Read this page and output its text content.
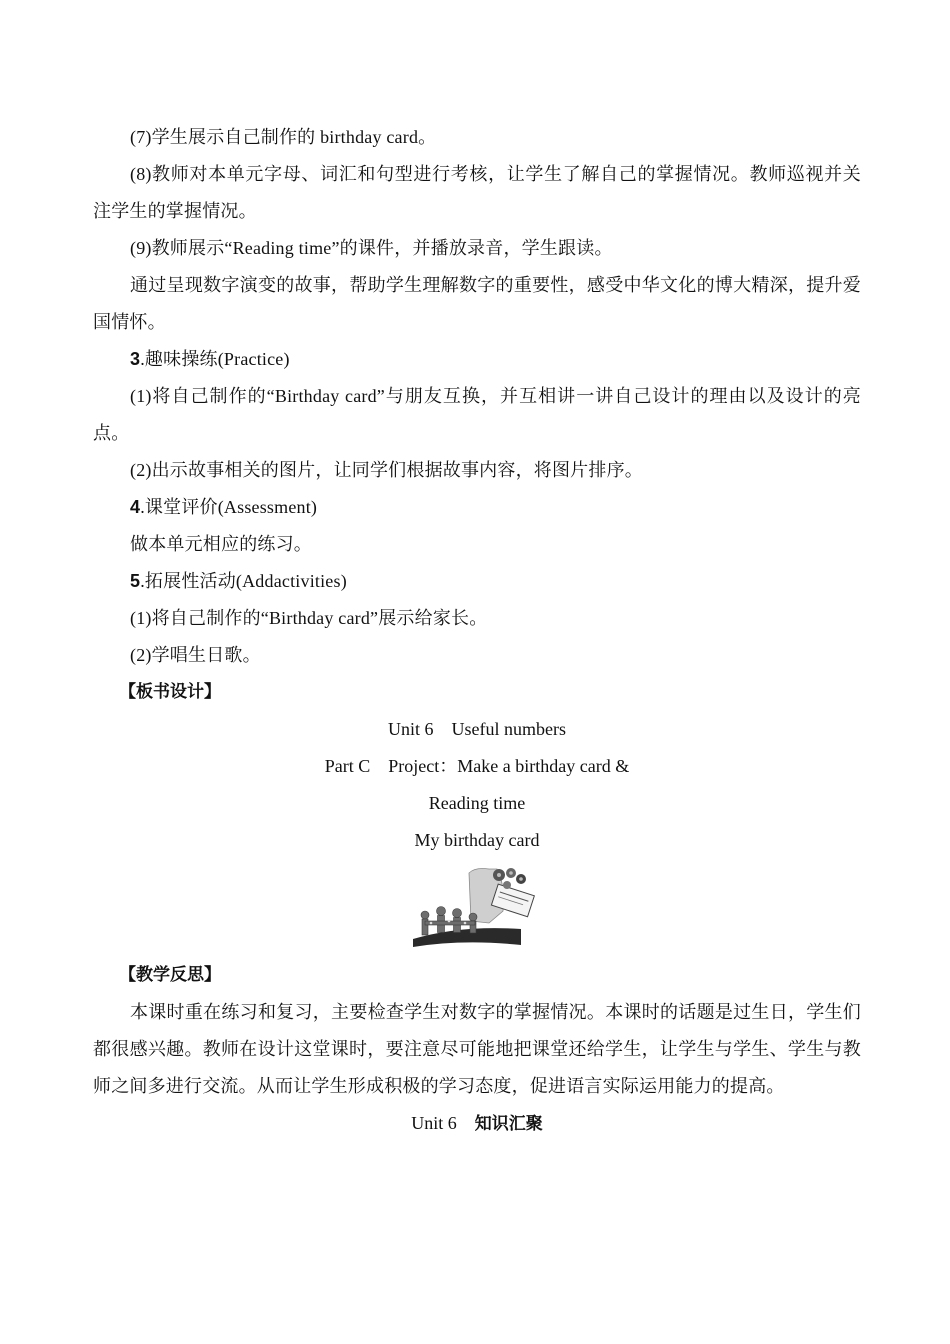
(7)学生展示自己制作的 birthday card。

(8)教师对本单元字母、词汇和句型进行考核，让学生了解自己的掌握情况。教师巡视并关注学生的掌握情况。

(9)教师展示“Reading time”的课件，并播放录音，学生跟读。

通过呈现数字演变的故事，帮助学生理解数字的重要性，感受中华文化的博大精深，提升爱国情怀。

3.趣味操练(Practice)

(1)将自己制作的“Birthday card”与朋友互换，并互相讲一讲自己设计的理由以及设计的亮点。

(2)出示故事相关的图片，让同学们根据故事内容，将图片排序。

4.课堂评价(Assessment)

做本单元相应的练习。

5.拓展性活动(Addactivities)

(1)将自己制作的“Birthday card”展示给家长。

(2)学唱生日歌。

【板书设计】

Unit 6　Useful numbers

Part C　Project：Make a birthday card &

Reading time

My birthday card

【教学反思】

本课时重在练习和复习，主要检查学生对数字的掌握情况。本课时的话题是过生日，学生们都很感兴趣。教师在设计这堂课时，要注意尽可能地把课堂还给学生，让学生与学生、学生与教师之间多进行交流。从而让学生形成积极的学习态度，促进语言实际运用能力的提高。

Unit 6　知识汇聚
